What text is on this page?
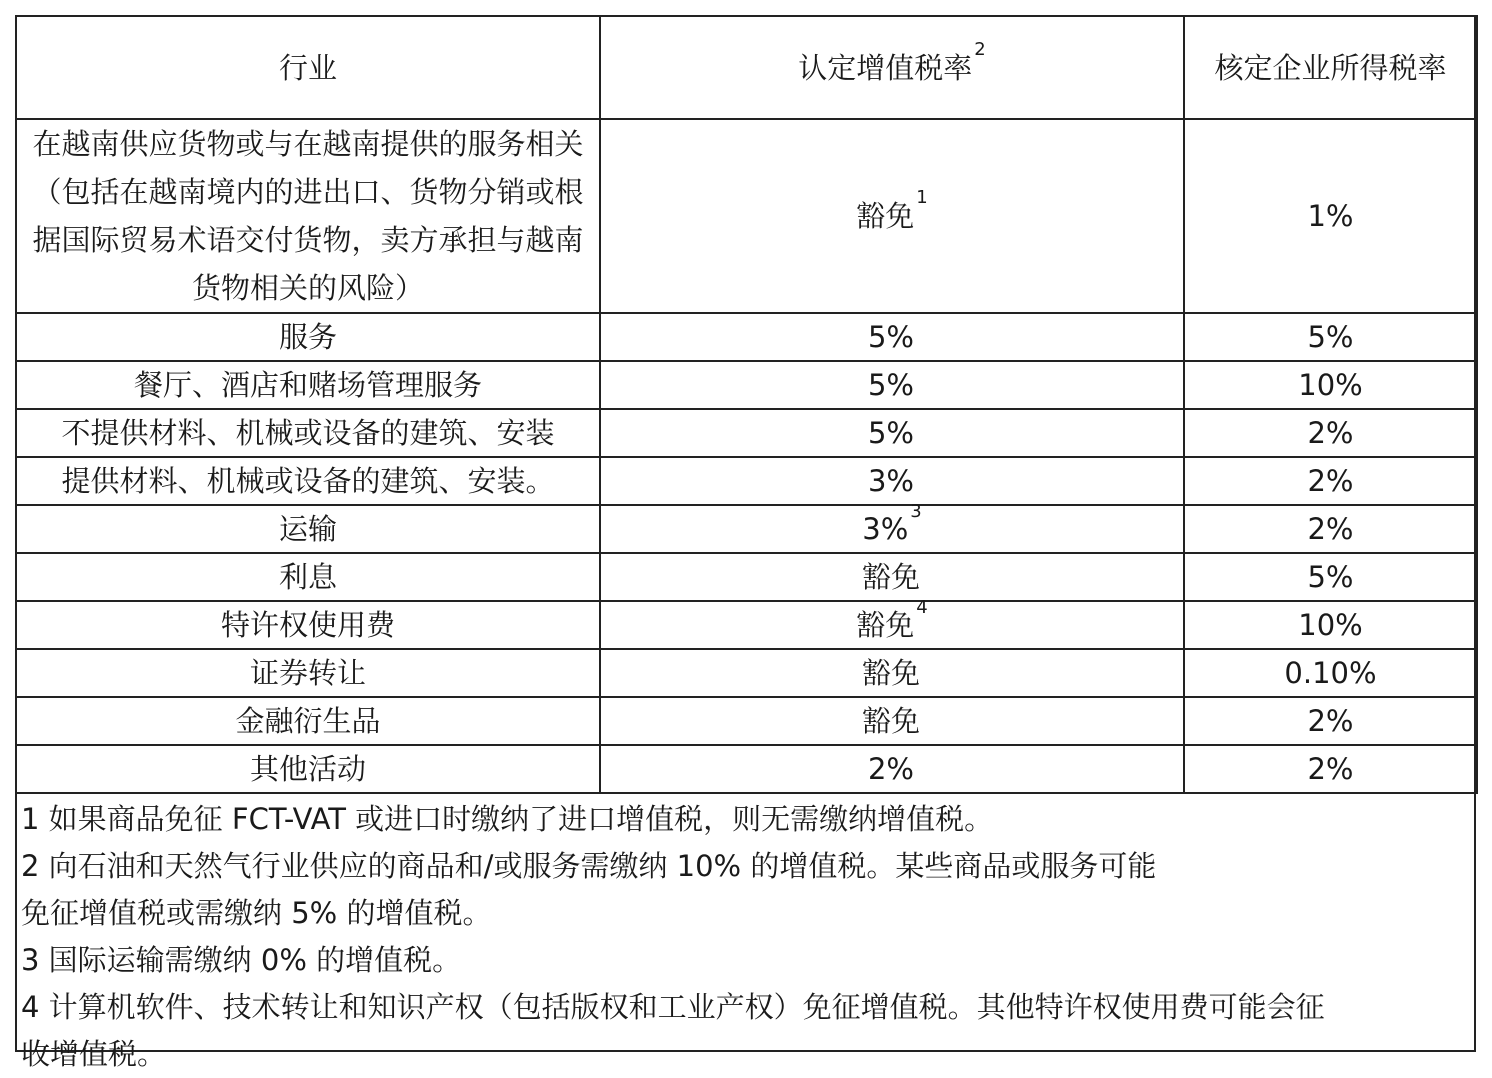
行业	认定增值税率$^2$	核定企业所得税率
在越南供应货物或与在越南提供的服务相关（包括在越南境内的进出口、货物分销或根据国际贸易术语交付货物，卖方承担与越南货物相关的风险）	豁免$^1$	1%
服务	5%	5%
餐厅、酒店和赌场管理服务	5%	10%
不提供材料、机械或设备的建筑、安装	5%	2%
提供材料、机械或设备的建筑、安装。	3%	2%
运输	3%$^3$	2%
利息	豁免	5%
特许权使用费	豁免$^4$	10%
证券转让	豁免	0.10%
金融衍生品	豁免	2%
其他活动	2%	2%
1 如果商品免征 FCT-VAT 或进口时缴纳了进口增值税，则无需缴纳增值税。
2 向石油和天然气行业供应的商品和/或服务需缴纳 10% 的增值税。某些商品或服务可能
免征增值税或需缴纳 5% 的增值税。
3 国际运输需缴纳 0% 的增值税。
4 计算机软件、技术转让和知识产权（包括版权和工业产权）免征增值税。其他特许权使用费可能会征
收增值税。
